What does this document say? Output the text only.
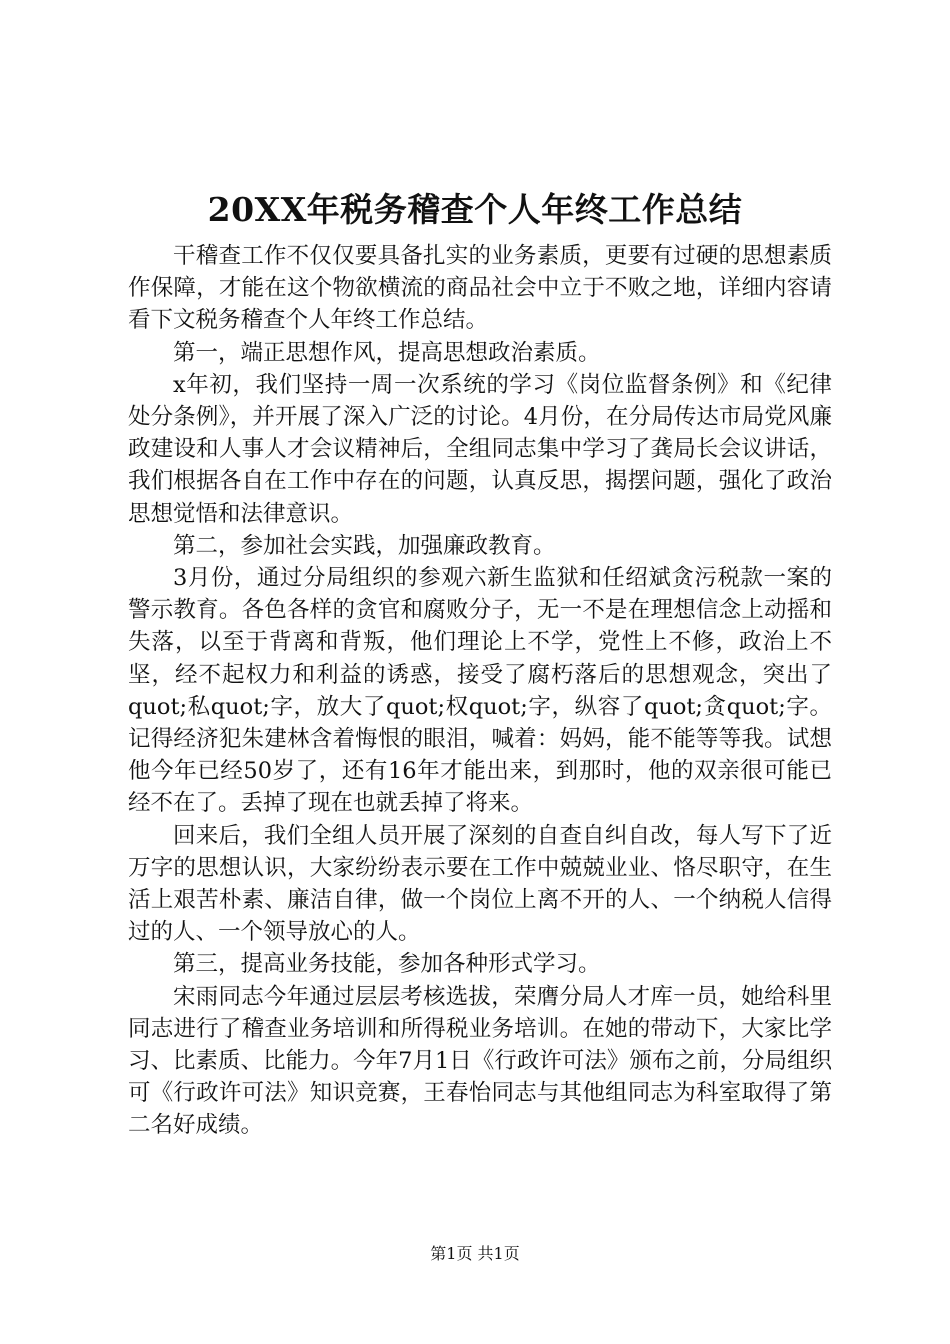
20XX年税务稽查个人年终工作总结

干稽查工作不仅仅要具备扎实的业务素质，更要有过硬的思想素质作保障，才能在这个物欲横流的商品社会中立于不败之地，详细内容请看下文税务稽查个人年终工作总结。

第一，端正思想作风，提高思想政治素质。

x年初，我们坚持一周一次系统的学习《岗位监督条例》和《纪律处分条例》，并开展了深入广泛的讨论。4月份，在分局传达市局党风廉政建设和人事人才会议精神后，全组同志集中学习了龚局长会议讲话，我们根据各自在工作中存在的问题，认真反思，揭摆问题，强化了政治思想觉悟和法律意识。

第二，参加社会实践，加强廉政教育。

3月份，通过分局组织的参观六新生监狱和任绍斌贪污税款一案的警示教育。各色各样的贪官和腐败分子，无一不是在理想信念上动摇和失落，以至于背离和背叛，他们理论上不学，党性上不修，政治上不坚，经不起权力和利益的诱惑，接受了腐朽落后的思想观念，突出了quot;私quot;字，放大了quot;权quot;字，纵容了quot;贪quot;字。记得经济犯朱建林含着悔恨的眼泪，喊着：妈妈，能不能等等我。试想他今年已经50岁了，还有16年才能出来，到那时，他的双亲很可能已经不在了。丢掉了现在也就丢掉了将来。

回来后，我们全组人员开展了深刻的自查自纠自改，每人写下了近万字的思想认识，大家纷纷表示要在工作中兢兢业业、恪尽职守，在生活上艰苦朴素、廉洁自律，做一个岗位上离不开的人、一个纳税人信得过的人、一个领导放心的人。

第三，提高业务技能，参加各种形式学习。

宋雨同志今年通过层层考核选拔，荣膺分局人才库一员，她给科里同志进行了稽查业务培训和所得税业务培训。在她的带动下，大家比学习、比素质、比能力。今年7月1日《行政许可法》颁布之前，分局组织可《行政许可法》知识竞赛，王春怡同志与其他组同志为科室取得了第二名好成绩。

第1页 共1页
